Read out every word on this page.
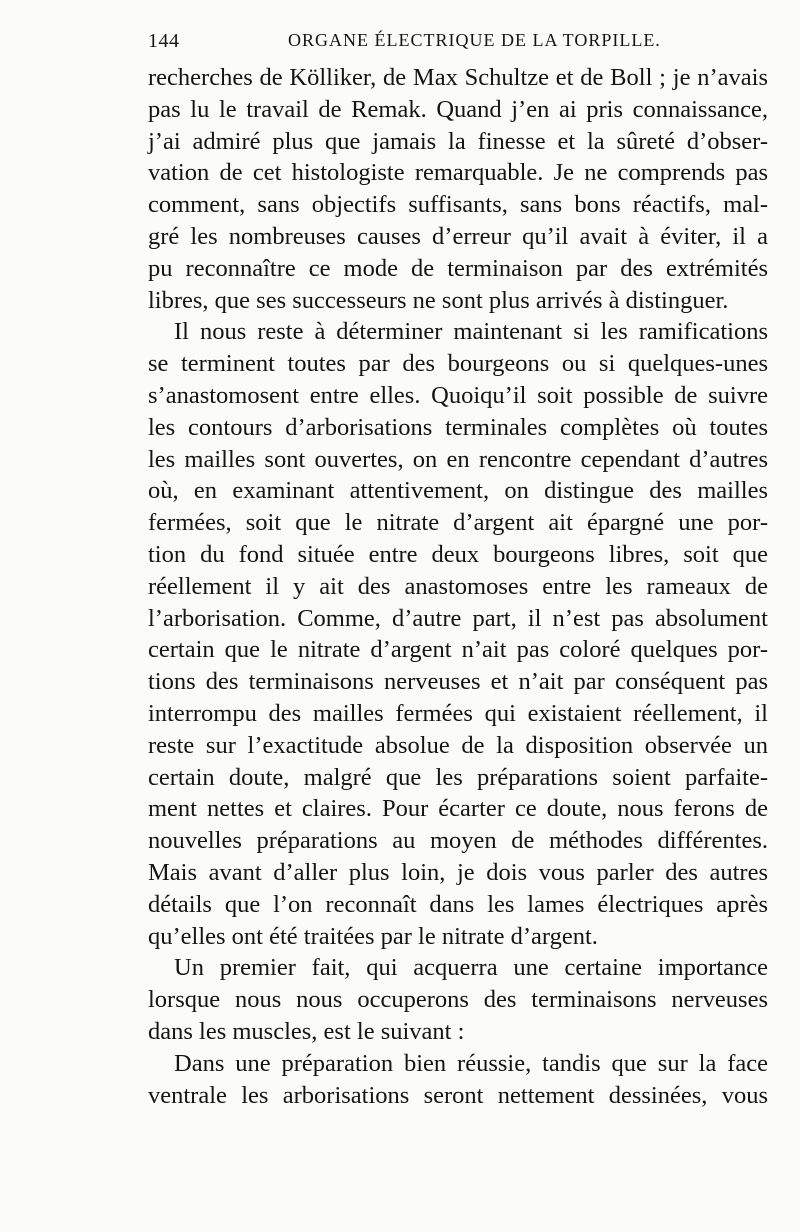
144	ORGANE ÉLECTRIQUE DE LA TORPILLE.
recherches de Kölliker, de Max Schultze et de Boll ; je n’avais
pas lu le travail de Remak. Quand j’en ai pris connaissance,
j’ai admiré plus que jamais la finesse et la sûreté d’obser-
vation de cet histologiste remarquable. Je ne comprends pas
comment, sans objectifs suffisants, sans bons réactifs, mal-
gré les nombreuses causes d’erreur qu’il avait à éviter, il a
pu reconnaître ce mode de terminaison par des extrémités
libres, que ses successeurs ne sont plus arrivés à distinguer.
Il nous reste à déterminer maintenant si les ramifications
se terminent toutes par des bourgeons ou si quelques-unes
s’anastomosent entre elles. Quoiqu’il soit possible de suivre
les contours d’arborisations terminales complètes où toutes
les mailles sont ouvertes, on en rencontre cependant d’autres
où, en examinant attentivement, on distingue des mailles
fermées, soit que le nitrate d’argent ait épargné une por-
tion du fond située entre deux bourgeons libres, soit que
réellement il y ait des anastomoses entre les rameaux de
l’arborisation. Comme, d’autre part, il n’est pas absolument
certain que le nitrate d’argent n’ait pas coloré quelques por-
tions des terminaisons nerveuses et n’ait par conséquent pas
interrompu des mailles fermées qui existaient réellement, il
reste sur l’exactitude absolue de la disposition observée un
certain doute, malgré que les préparations soient parfaite-
ment nettes et claires. Pour écarter ce doute, nous ferons de
nouvelles préparations au moyen de méthodes différentes.
Mais avant d’aller plus loin, je dois vous parler des autres
détails que l’on reconnaît dans les lames électriques après
qu’elles ont été traitées par le nitrate d’argent.
Un premier fait, qui acquerra une certaine importance
lorsque nous nous occuperons des terminaisons nerveuses
dans les muscles, est le suivant :
Dans une préparation bien réussie, tandis que sur la face
ventrale les arborisations seront nettement dessinées, vous
